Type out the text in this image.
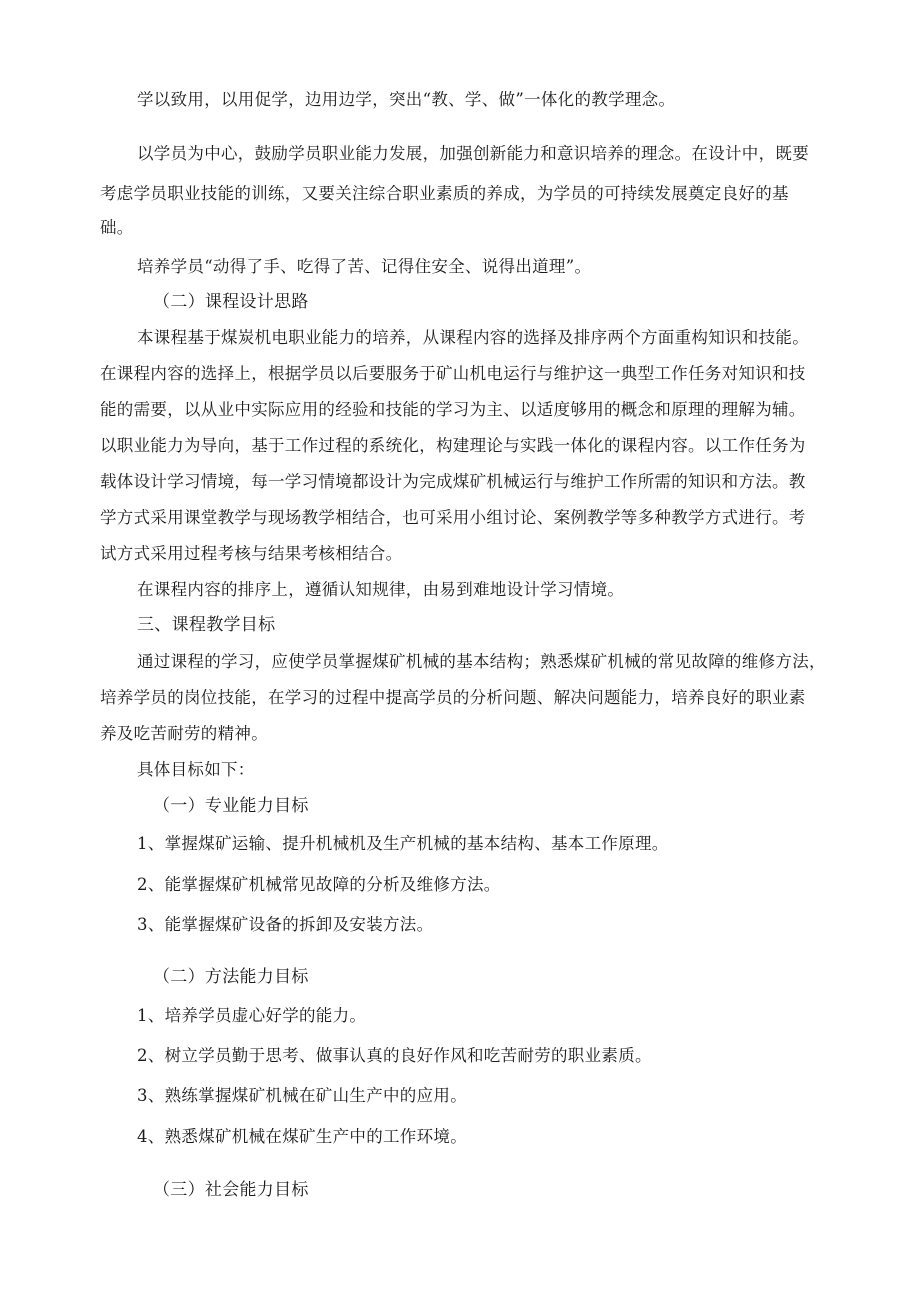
学以致用，以用促学，边用边学，突出“教、学、做”一体化的教学理念。

以学员为中心，鼓励学员职业能力发展，加强创新能力和意识培养的理念。在设计中，既要

考虑学员职业技能的训练，又要关注综合职业素质的养成，为学员的可持续发展奠定良好的基

础。

培养学员“动得了手、吃得了苦、记得住安全、说得出道理”。

（二）课程设计思路

本课程基于煤炭机电职业能力的培养，从课程内容的选择及排序两个方面重构知识和技能。

在课程内容的选择上，根据学员以后要服务于矿山机电运行与维护这一典型工作任务对知识和技

能的需要，以从业中实际应用的经验和技能的学习为主、以适度够用的概念和原理的理解为辅。

以职业能力为导向，基于工作过程的系统化，构建理论与实践一体化的课程内容。以工作任务为

载体设计学习情境，每一学习情境都设计为完成煤矿机械运行与维护工作所需的知识和方法。教

学方式采用课堂教学与现场教学相结合，也可采用小组讨论、案例教学等多种教学方式进行。考

试方式采用过程考核与结果考核相结合。

在课程内容的排序上，遵循认知规律，由易到难地设计学习情境。

三、课程教学目标

通过课程的学习，应使学员掌握煤矿机械的基本结构；熟悉煤矿机械的常见故障的维修方法，

培养学员的岗位技能，在学习的过程中提高学员的分析问题、解决问题能力，培养良好的职业素

养及吃苦耐劳的精神。

具体目标如下：

（一）专业能力目标

1、掌握煤矿运输、提升机械机及生产机械的基本结构、基本工作原理。

2、能掌握煤矿机械常见故障的分析及维修方法。

3、能掌握煤矿设备的拆卸及安装方法。

（二）方法能力目标

1、培养学员虚心好学的能力。

2、树立学员勤于思考、做事认真的良好作风和吃苦耐劳的职业素质。

3、熟练掌握煤矿机械在矿山生产中的应用。

4、熟悉煤矿机械在煤矿生产中的工作环境。

（三）社会能力目标
